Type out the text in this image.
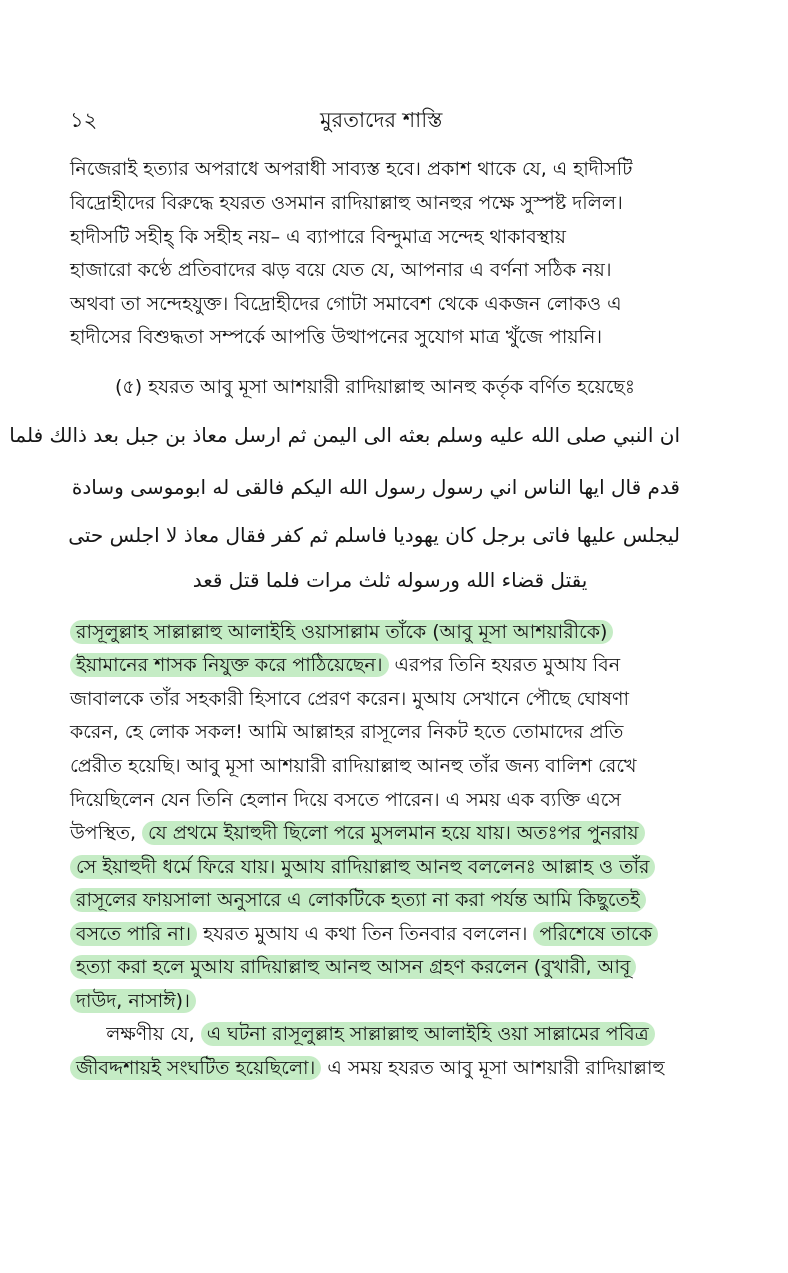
১২	মুরতাদের শাস্তি
নিজেরাই হত্যার অপরাধে অপরাধী সাব্যস্ত হবে। প্রকাশ থাকে যে, এ হাদীসটি
বিদ্রোহীদের বিরুদ্ধে হযরত ওসমান রাদিয়াল্লাহু আনহুর পক্ষে সুস্পষ্ট দলিল।
হাদীসটি সহীহ্ কি সহীহ নয়– এ ব্যাপারে বিন্দুমাত্র সন্দেহ থাকাবস্থায়
হাজারো কণ্ঠে প্রতিবাদের ঝড় বয়ে যেত যে, আপনার এ বর্ণনা সঠিক নয়।
অথবা তা সন্দেহযুক্ত। বিদ্রোহীদের গোটা সমাবেশ থেকে একজন লোকও এ
হাদীসের বিশুদ্ধতা সম্পর্কে আপত্তি উত্থাপনের সুযোগ মাত্র খুঁজে পায়নি।
(৫) হযরত আবু মূসা আশয়ারী রাদিয়াল্লাহু আনহু কর্তৃক বর্ণিত হয়েছেঃ
ان النبي صلى الله عليه وسلم بعثه الى اليمن ثم ارسل معاذ بن جبل بعد ذالك فلما
قدم قال ايها الناس اني رسول رسول الله اليكم فالقى له ابوموسى وسادة
ليجلس عليها فاتى برجل كان يهوديا فاسلم ثم كفر فقال معاذ لا اجلس حتى
يقتل قضاء الله ورسوله ثلث مرات فلما قتل قعد
রাসূলুল্লাহ সাল্লাল্লাহু আলাইহি ওয়াসাল্লাম তাঁকে (আবু মূসা আশয়ারীকে)
ইয়ামানের শাসক নিযুক্ত করে পাঠিয়েছেন। এরপর তিনি হযরত মুআয বিন
জাবালকে তাঁর সহকারী হিসাবে প্রেরণ করেন। মুআয সেখানে পৌছে ঘোষণা
করেন, হে লোক সকল! আমি আল্লাহর রাসূলের নিকট হতে তোমাদের প্রতি
প্রেরীত হয়েছি। আবু মূসা আশয়ারী রাদিয়াল্লাহু আনহু তাঁর জন্য বালিশ রেখে
দিয়েছিলেন যেন তিনি হেলান দিয়ে বসতে পারেন। এ সময় এক ব্যক্তি এসে
উপস্থিত, যে প্রথমে ইয়াহুদী ছিলো পরে মুসলমান হয়ে যায়। অতঃপর পুনরায়
সে ইয়াহুদী ধর্মে ফিরে যায়। মুআয রাদিয়াল্লাহু আনহু বললেনঃ আল্লাহ ও তাঁর
রাসূলের ফায়সালা অনুসারে এ লোকটিকে হত্যা না করা পর্যন্ত আমি কিছুতেই
বসতে পারি না। হযরত মুআয এ কথা তিন তিনবার বললেন। পরিশেষে তাকে
হত্যা করা হলে মুআয রাদিয়াল্লাহু আনহু আসন গ্রহণ করলেন (বুখারী, আবূ
দাউদ, নাসাঈ)।
লক্ষণীয় যে, এ ঘটনা রাসূলুল্লাহ সাল্লাল্লাহু আলাইহি ওয়া সাল্লামের পবিত্র
জীবদ্দশায়ই সংঘটিত হয়েছিলো। এ সময় হযরত আবু মূসা আশয়ারী রাদিয়াল্লাহু
